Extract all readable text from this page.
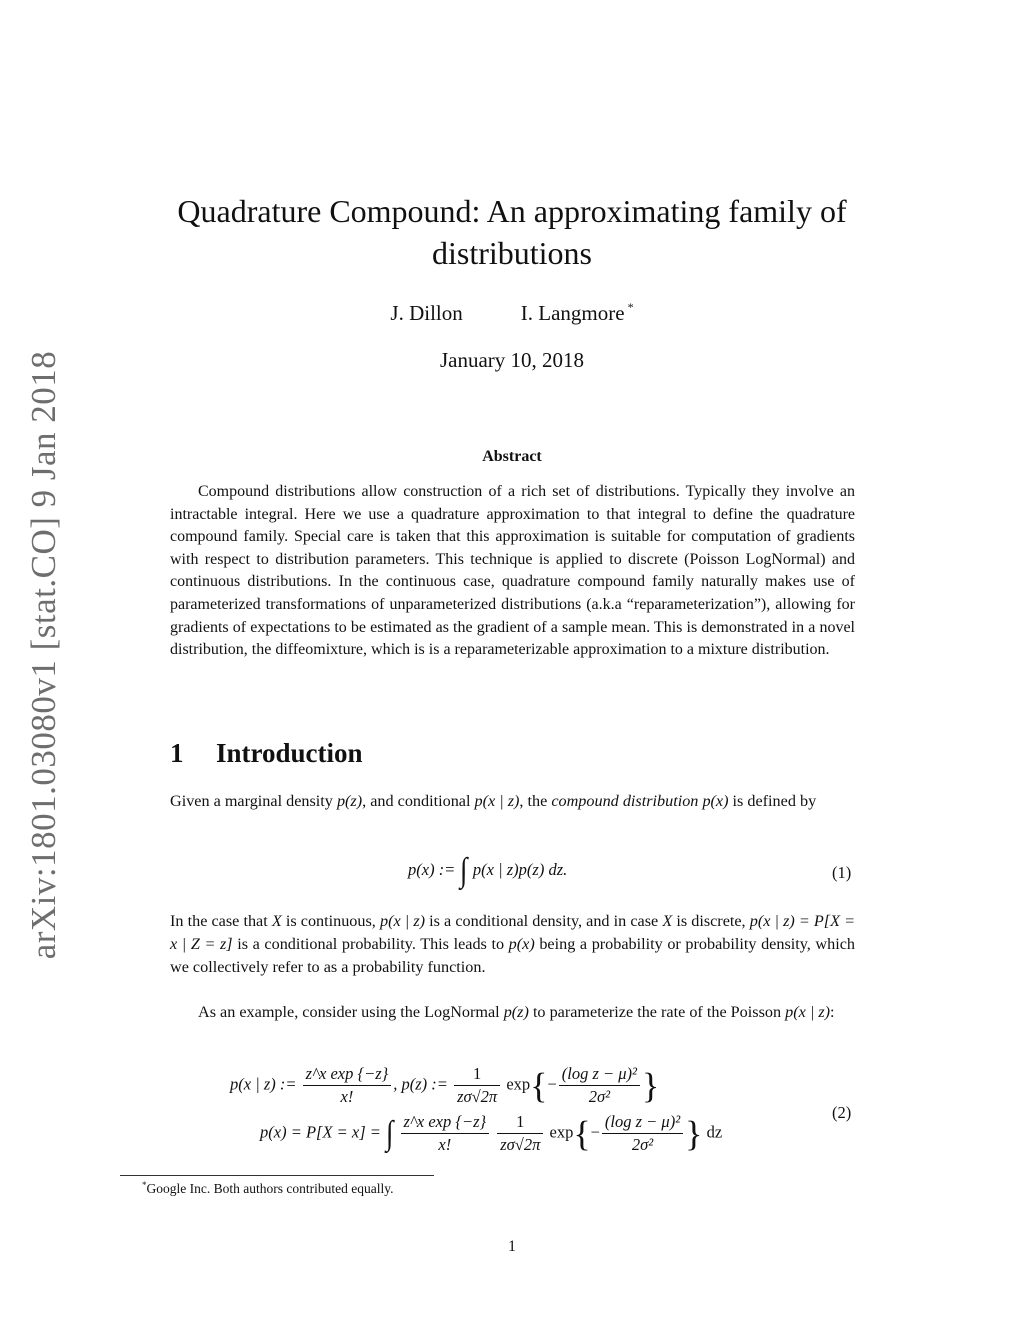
arXiv:1801.03080v1 [stat.CO] 9 Jan 2018
Quadrature Compound: An approximating family of distributions
J. Dillon	I. Langmore *
January 10, 2018
Abstract

Compound distributions allow construction of a rich set of distributions. Typically they involve an intractable integral. Here we use a quadrature approximation to that integral to define the quadrature compound family. Special care is taken that this approximation is suitable for computation of gradients with respect to distribution parameters. This technique is applied to discrete (Poisson LogNormal) and continuous distributions. In the continuous case, quadrature compound family naturally makes use of parameterized transformations of unparameterized distributions (a.k.a “reparameterization”), allowing for gradients of expectations to be estimated as the gradient of a sample mean. This is demonstrated in a novel distribution, the diffeomixture, which is is a reparameterizable approximation to a mixture distribution.

1 Introduction

Given a marginal density p(z), and conditional p(x | z), the compound distribution p(x) is defined by

p(x) := ∫ p(x | z)p(z) dz.	(1)

In the case that X is continuous, p(x | z) is a conditional density, and in case X is discrete, p(x | z) = P[X = x | Z = z] is a conditional probability. This leads to p(x) being a probability or probability density, which we collectively refer to as a probability function.

As an example, consider using the LogNormal p(z) to parameterize the rate of the Poisson p(x | z):

p(x | z) := $\frac{\text{z\textasciicircum{}x exp \{−z\}}}{x!}$ , p(z) := $\frac{1}{z\sigma√2\pi} \exp\{- \frac{\text{(log z − μ)²}}{\text{2σ²}}$ }
(2)
p(x) = P[X = x] = ∫ $\frac{\text{z\textasciicircum{}x exp \{−z\}}}{x!}$
$\frac{1}{z\sigma√2\pi} \exp\{- \frac{\text{(log z − μ)²}}{\text{2σ²}}$ } dz
*Google Inc. Both authors contributed equally.
1
